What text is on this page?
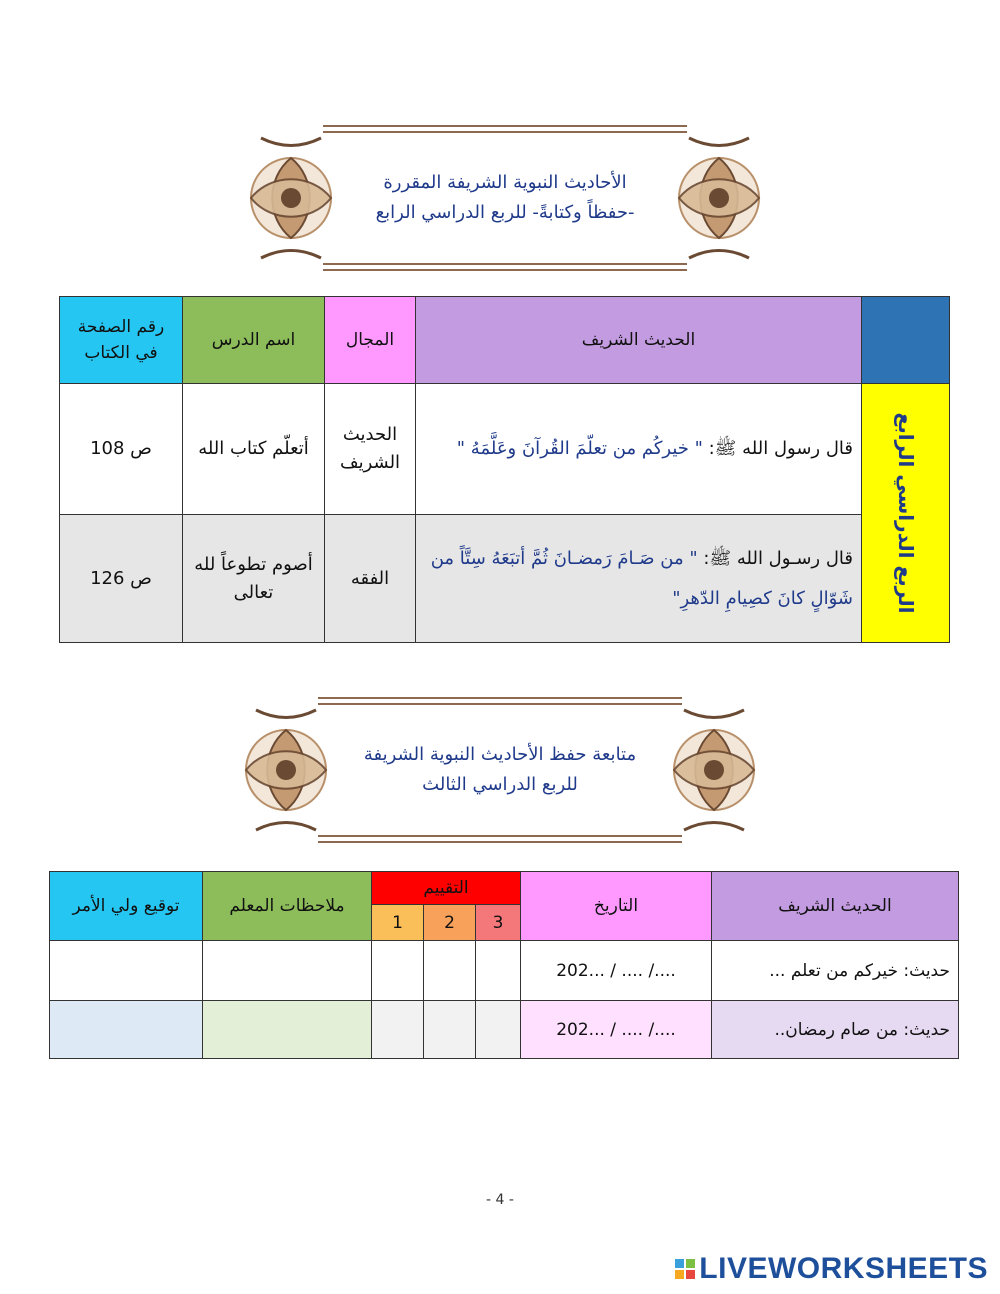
الأحاديث النبوية الشريفة المقررة
-حفظاً وكتابةً- للربع الدراسي الرابع
	الحديث الشريف	المجال	اسم الدرس	رقم الصفحة في الكتاب

الربع الدراسي الرابع	قال رسول الله ﷺ: " خيركُم من تعلّمَ القُرآنَ وعَلَّمَهُ "	الحديث الشريف	أتعلّم كتاب الله	ص 108
	قال رسـول الله ﷺ: " من صَـامَ رَمضـانَ ثُمَّ أتبَعَهُ سِتَّاً من شَوّالٍ كانَ كصِيامِ الدّهرِ"	الفقه	أصوم تطوعاً لله تعالى	ص 126
متابعة حفظ الأحاديث النبوية الشريفة
للربع الدراسي الثالث
الحديث الشريف	التاريخ	التقييم			ملاحظات المعلم	توقيع ولي الأمر
		3	2	1		
حديث: خيركم من تعلم ...	..../ .... / ...202					
حديث: من صام رمضان..	..../ .... / ...202					
- 4 -
LIVEWORKSHEETS
